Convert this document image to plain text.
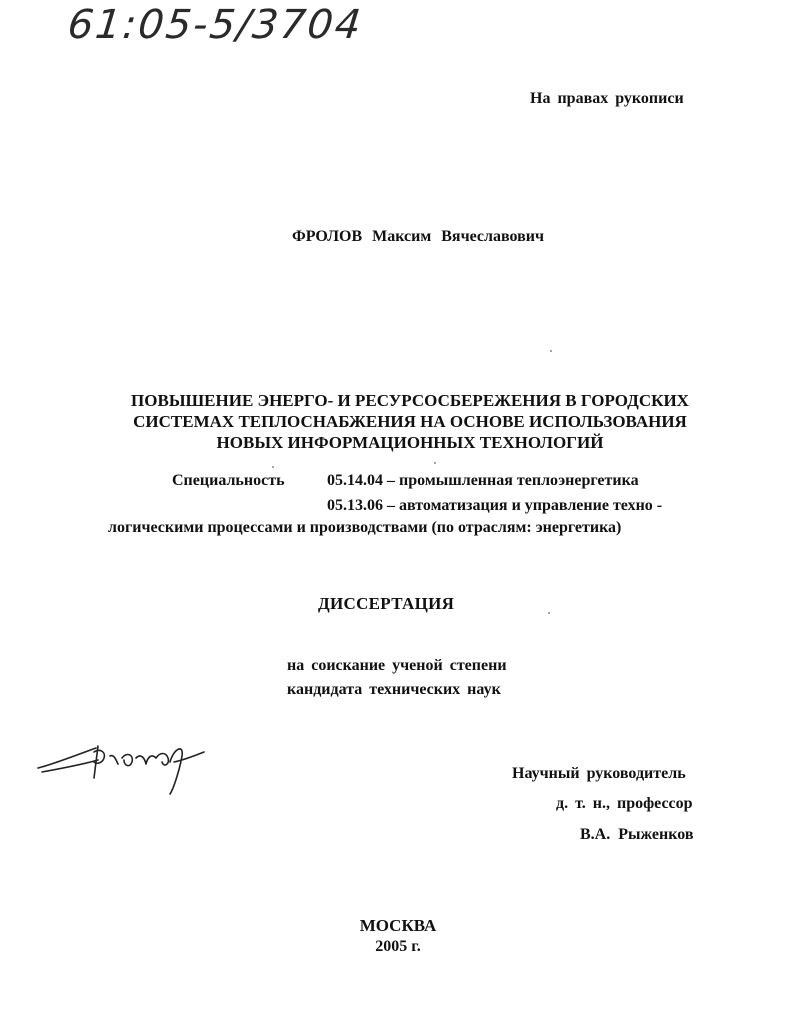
61:05-5/3704
На правах рукописи
ФРОЛОВ Максим Вячеславович
ПОВЫШЕНИЕ ЭНЕРГО- И РЕСУРСОСБЕРЕЖЕНИЯ В ГОРОДСКИХ
СИСТЕМАХ ТЕПЛОСНАБЖЕНИЯ НА ОСНОВЕ ИСПОЛЬЗОВАНИЯ
НОВЫХ ИНФОРМАЦИОННЫХ ТЕХНОЛОГИЙ
Специальность	05.14.04 – промышленная теплоэнергетика
05.13.06 – автоматизация и управление техно -
логическими процессами и производствами (по отраслям: энергетика)
ДИССЕРТАЦИЯ
на соискание ученой степени
кандидата технических наук
Научный руководитель
д. т. н., профессор
В.А. Рыженков
МОСКВА
2005 г.
